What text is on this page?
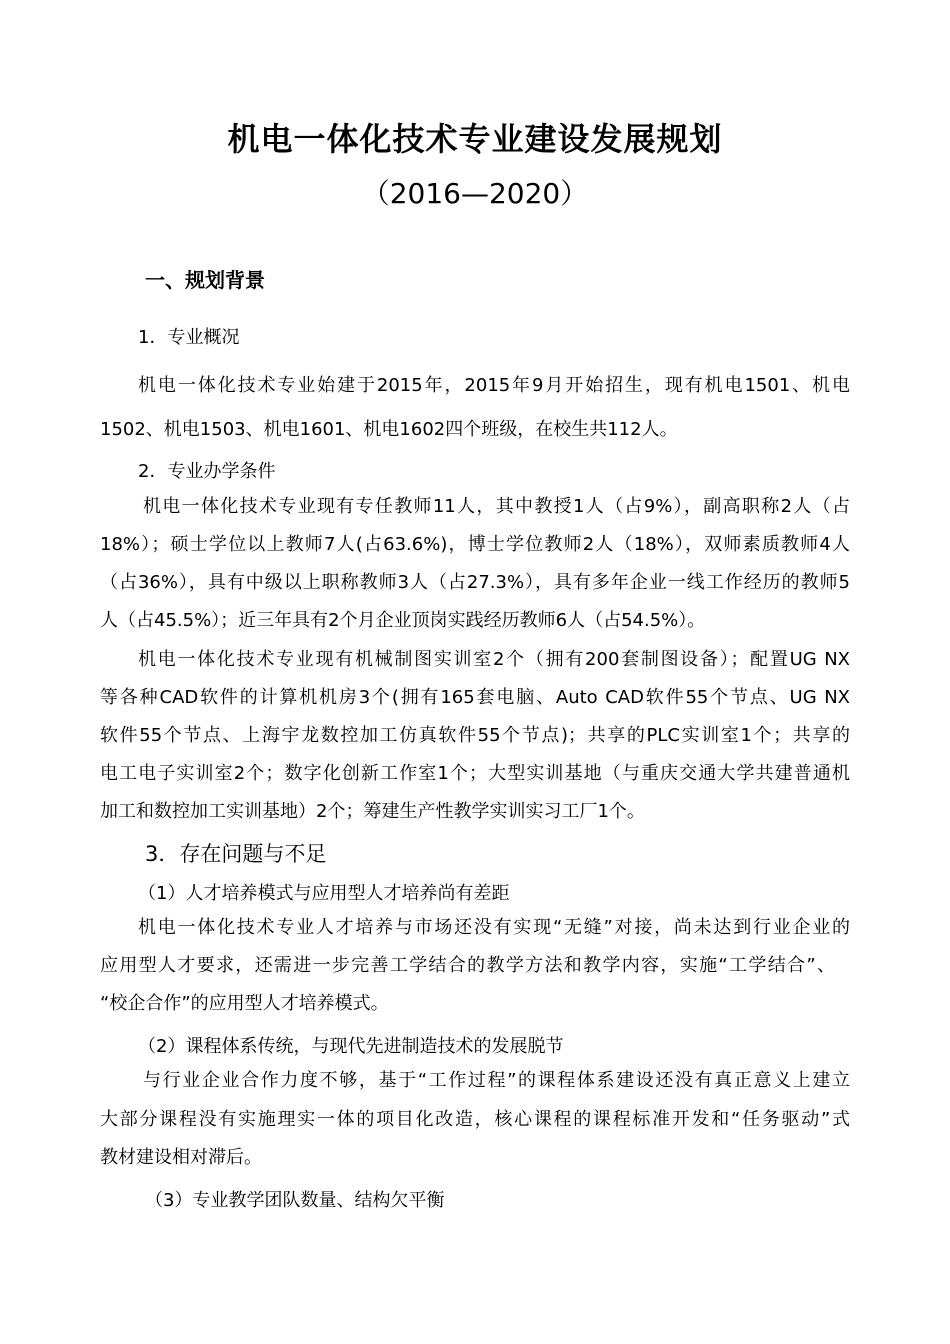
机电一体化技术专业建设发展规划
（2016—2020）
一、规划背景
1．专业概况

机电一体化技术专业始建于2015年，2015年9月开始招生，现有机电1501、机电

1502、机电1503、机电1601、机电1602四个班级，在校生共112人。

2．专业办学条件

机电一体化技术专业现有专任教师11人，其中教授1人（占9%），副高职称2人（占

18%）；硕士学位以上教师7人(占63.6%)，博士学位教师2人（18%），双师素质教师4人

（占36%），具有中级以上职称教师3人（占27.3%），具有多年企业一线工作经历的教师5

人（占45.5%）；近三年具有2个月企业顶岗实践经历教师6人（占54.5%）。

机电一体化技术专业现有机械制图实训室2个（拥有200套制图设备）；配置UG NX

等各种CAD软件的计算机机房3个(拥有165套电脑、Auto CAD软件55个节点、UG NX

软件55个节点、上海宇龙数控加工仿真软件55个节点)；共享的PLC实训室1个；共享的

电工电子实训室2个；数字化创新工作室1个；大型实训基地（与重庆交通大学共建普通机

加工和数控加工实训基地）2个；筹建生产性教学实训实习工厂1个。

3．存在问题与不足
（1）人才培养模式与应用型人才培养尚有差距

机电一体化技术专业人才培养与市场还没有实现“无缝”对接，尚未达到行业企业的

应用型人才要求，还需进一步完善工学结合的教学方法和教学内容，实施“工学结合”、

“校企合作”的应用型人才培养模式。

（2）课程体系传统，与现代先进制造技术的发展脱节

与行业企业合作力度不够，基于“工作过程”的课程体系建设还没有真正意义上建立

大部分课程没有实施理实一体的项目化改造，核心课程的课程标准开发和“任务驱动”式

教材建设相对滞后。

（3）专业教学团队数量、结构欠平衡
